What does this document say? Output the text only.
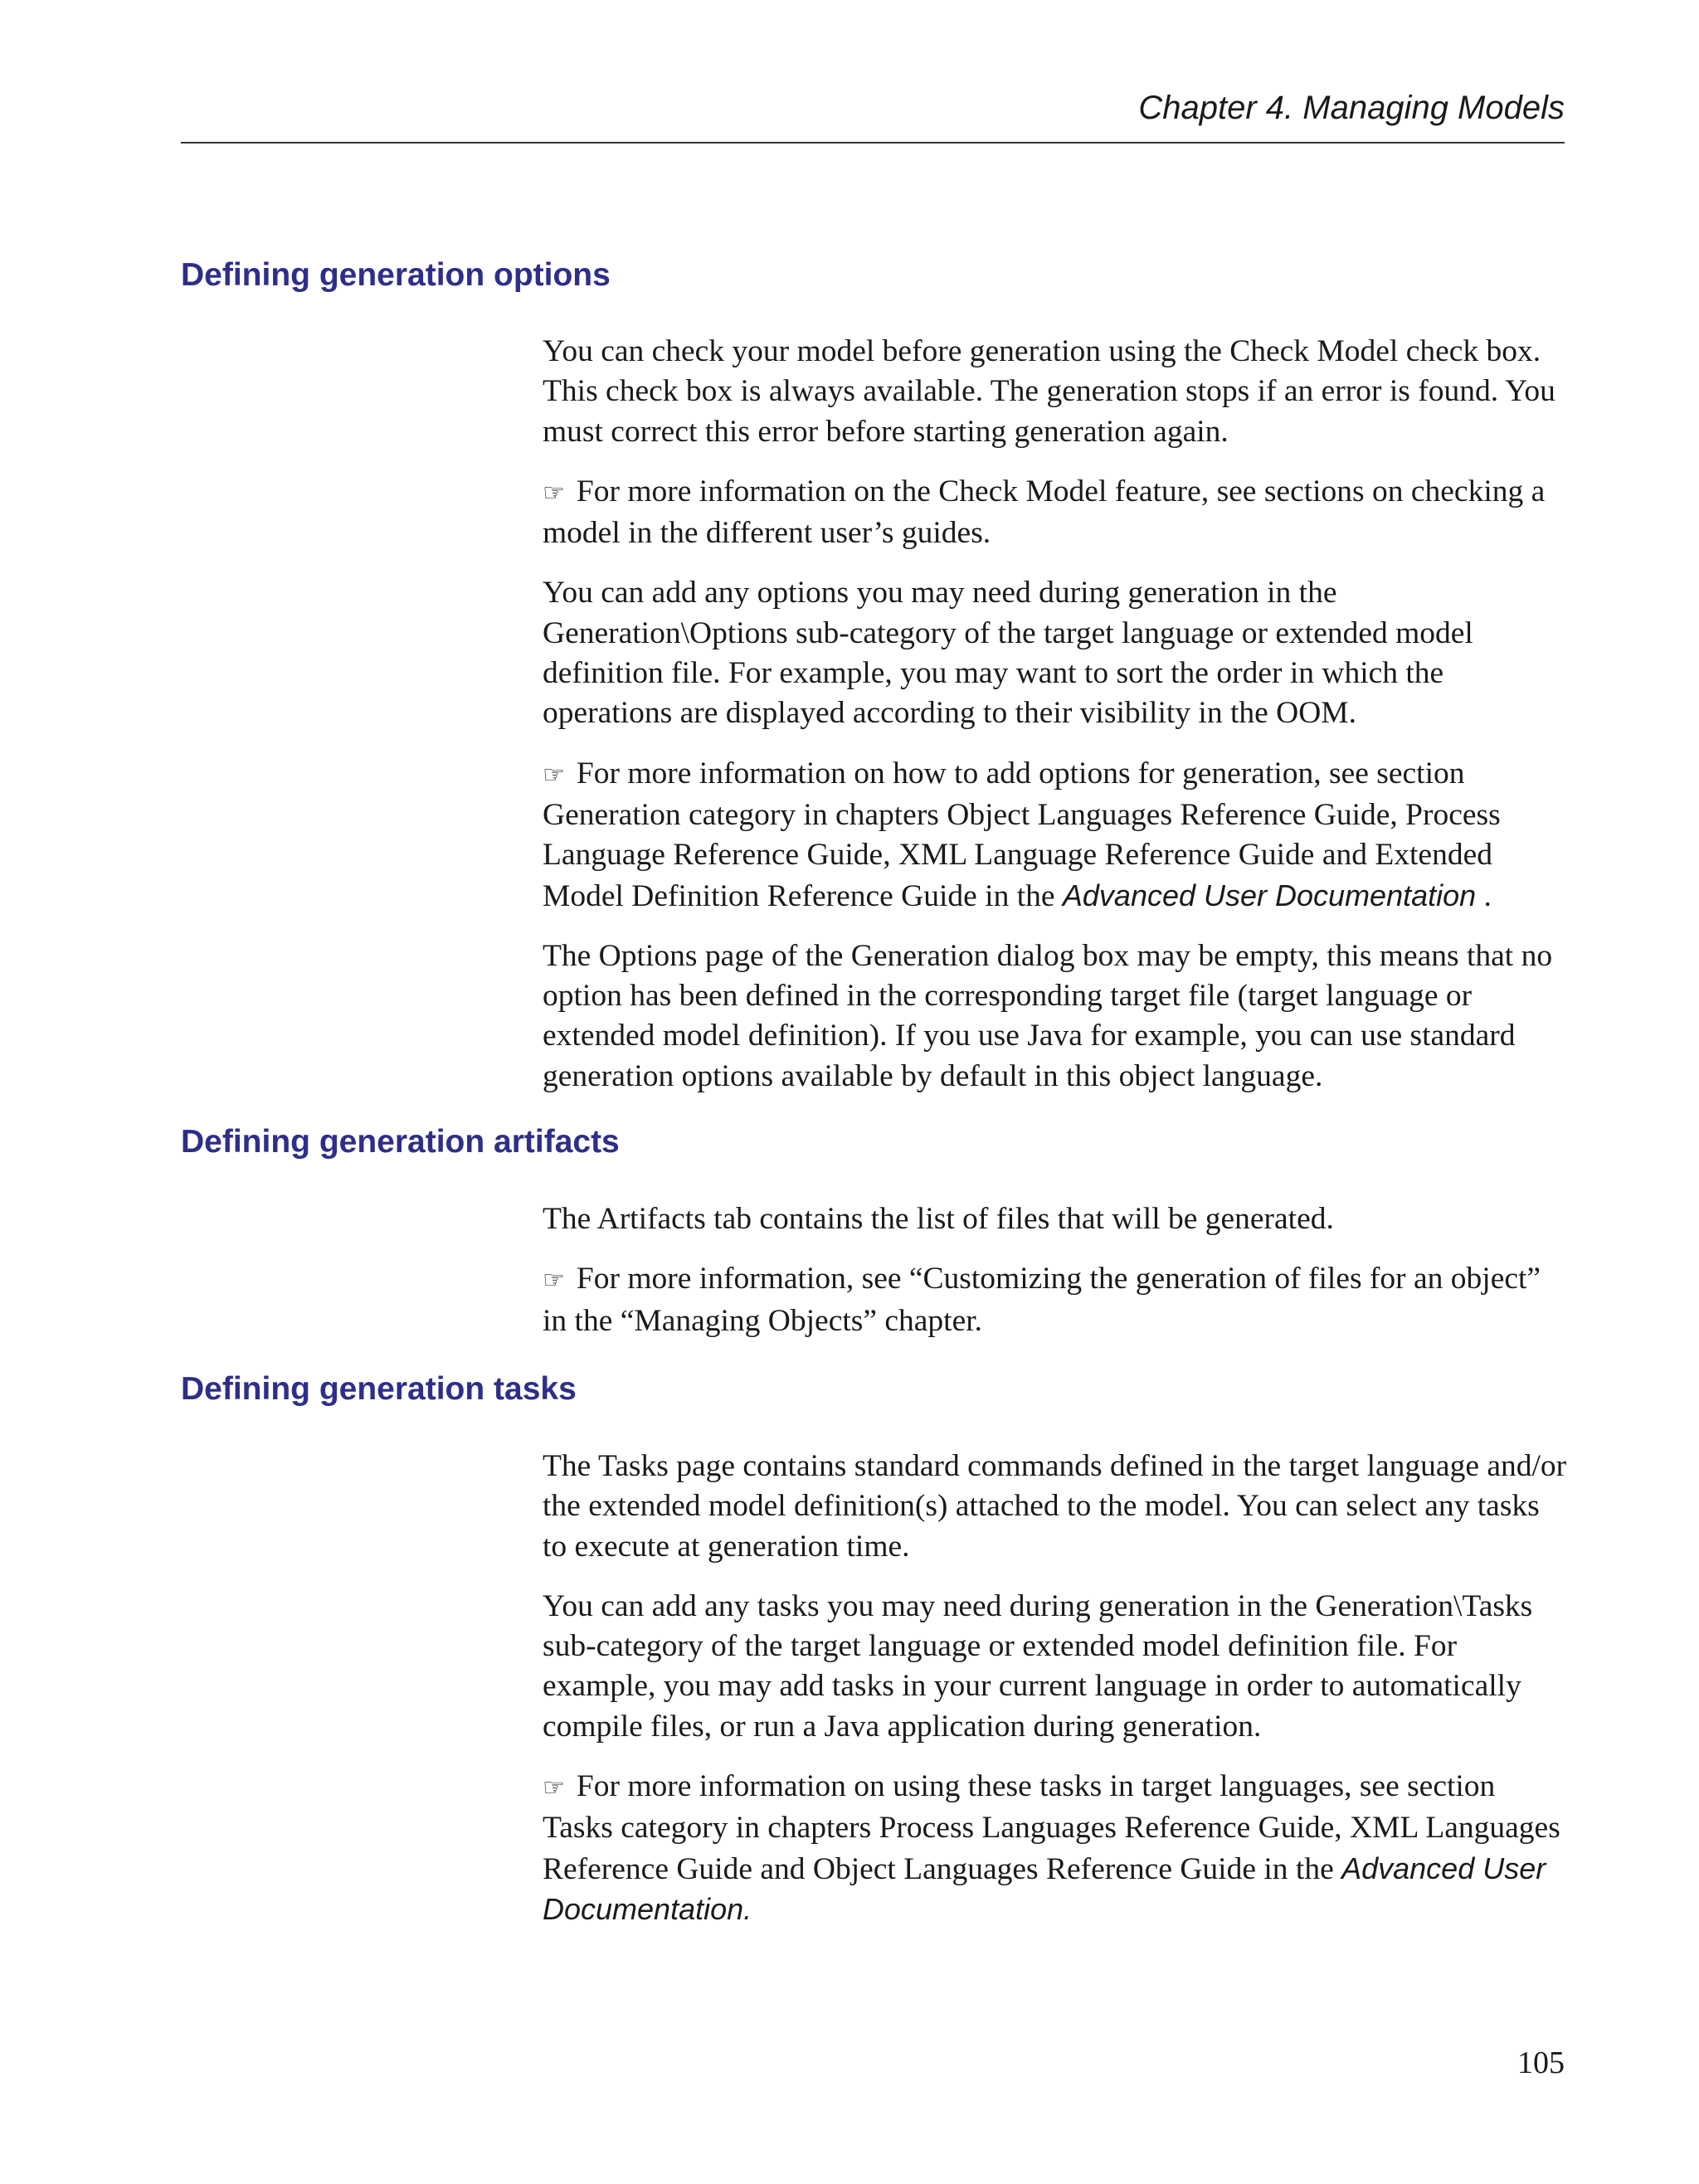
Chapter 4. Managing Models
Defining generation options

You can check your model before generation using the Check Model check box. This check box is always available. The generation stops if an error is found. You must correct this error before starting generation again.

☞ For more information on the Check Model feature, see sections on checking a model in the different user’s guides.

You can add any options you may need during generation in the Generation\Options sub-category of the target language or extended model definition file. For example, you may want to sort the order in which the operations are displayed according to their visibility in the OOM.

☞ For more information on how to add options for generation, see section Generation category in chapters Object Languages Reference Guide, Process Language Reference Guide, XML Language Reference Guide and Extended Model Definition Reference Guide in the Advanced User Documentation .

The Options page of the Generation dialog box may be empty, this means that no option has been defined in the corresponding target file (target language or extended model definition). If you use Java for example, you can use standard generation options available by default in this object language.

Defining generation artifacts

The Artifacts tab contains the list of files that will be generated.

☞ For more information, see “Customizing the generation of files for an object” in the “Managing Objects” chapter.

Defining generation tasks

The Tasks page contains standard commands defined in the target language and/or the extended model definition(s) attached to the model. You can select any tasks to execute at generation time.

You can add any tasks you may need during generation in the Generation\Tasks sub-category of the target language or extended model definition file. For example, you may add tasks in your current language in order to automatically compile files, or run a Java application during generation.

☞ For more information on using these tasks in target languages, see section Tasks category in chapters Process Languages Reference Guide, XML Languages Reference Guide and Object Languages Reference Guide in the Advanced User Documentation.

105
